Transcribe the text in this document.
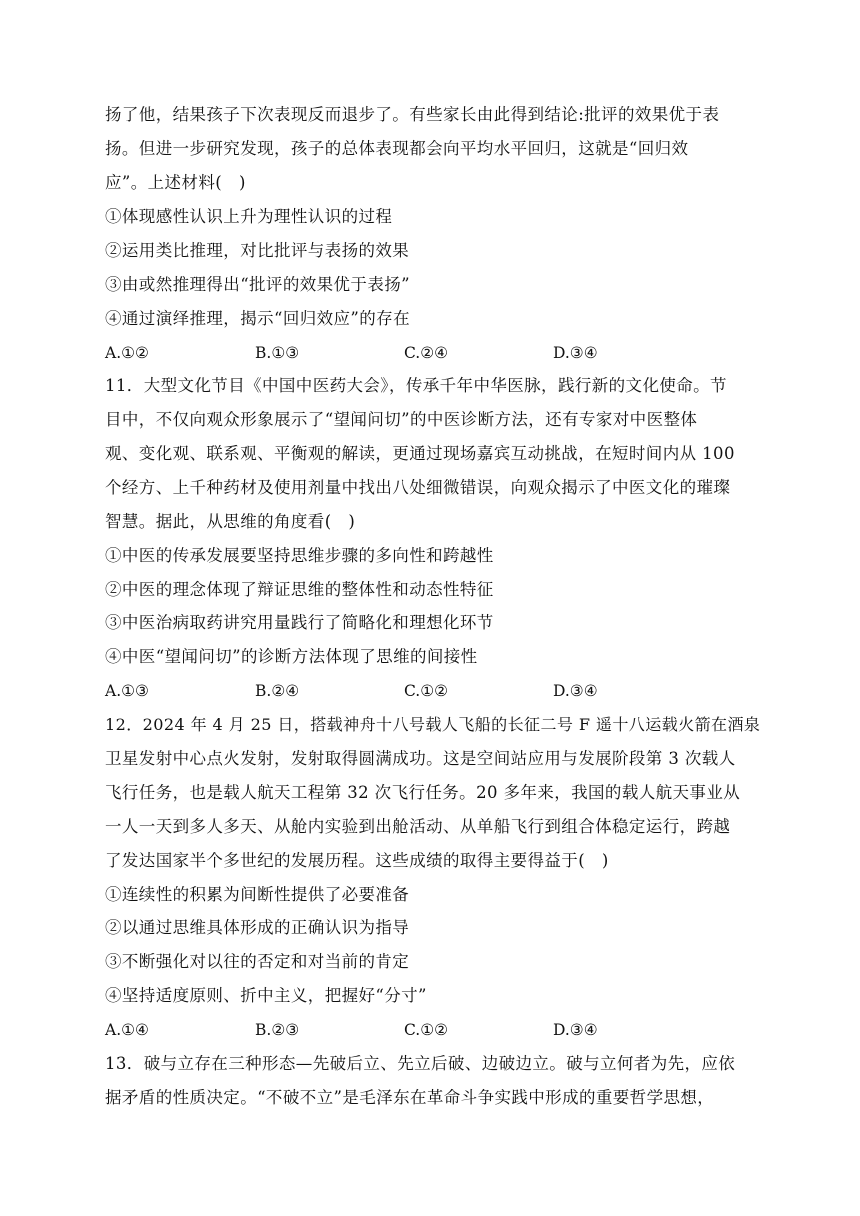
扬了他，结果孩子下次表现反而退步了。有些家长由此得到结论:批评的效果优于表
扬。但进一步研究发现，孩子的总体表现都会向平均水平回归，这就是“回归效
应”。上述材料(　)
①体现感性认识上升为理性认识的过程
②运用类比推理，对比批评与表扬的效果
③由或然推理得出“批评的效果优于表扬”
④通过演绎推理，揭示“回归效应”的存在
A.①②	B.①③	C.②④	D.③④
11．大型文化节目《中国中医药大会》，传承千年中华医脉，践行新的文化使命。节
目中，不仅向观众形象展示了“望闻问切”的中医诊断方法，还有专家对中医整体
观、变化观、联系观、平衡观的解读，更通过现场嘉宾互动挑战，在短时间内从 100
个经方、上千种药材及使用剂量中找出八处细微错误，向观众揭示了中医文化的璀璨
智慧。据此，从思维的角度看(　)
①中医的传承发展要坚持思维步骤的多向性和跨越性
②中医的理念体现了辩证思维的整体性和动态性特征
③中医治病取药讲究用量践行了简略化和理想化环节
④中医“望闻问切”的诊断方法体现了思维的间接性
A.①③	B.②④	C.①②	D.③④
12．2024 年 4 月 25 日，搭载神舟十八号载人飞船的长征二号 F 遥十八运载火箭在酒泉
卫星发射中心点火发射，发射取得圆满成功。这是空间站应用与发展阶段第 3 次载人
飞行任务，也是载人航天工程第 32 次飞行任务。20 多年来，我国的载人航天事业从
一人一天到多人多天、从舱内实验到出舱活动、从单船飞行到组合体稳定运行，跨越
了发达国家半个多世纪的发展历程。这些成绩的取得主要得益于(　)
①连续性的积累为间断性提供了必要准备
②以通过思维具体形成的正确认识为指导
③不断强化对以往的否定和对当前的肯定
④坚持适度原则、折中主义，把握好“分寸”
A.①④	B.②③	C.①②	D.③④
13．破与立存在三种形态—先破后立、先立后破、边破边立。破与立何者为先，应依
据矛盾的性质决定。“不破不立”是毛泽东在革命斗争实践中形成的重要哲学思想，
